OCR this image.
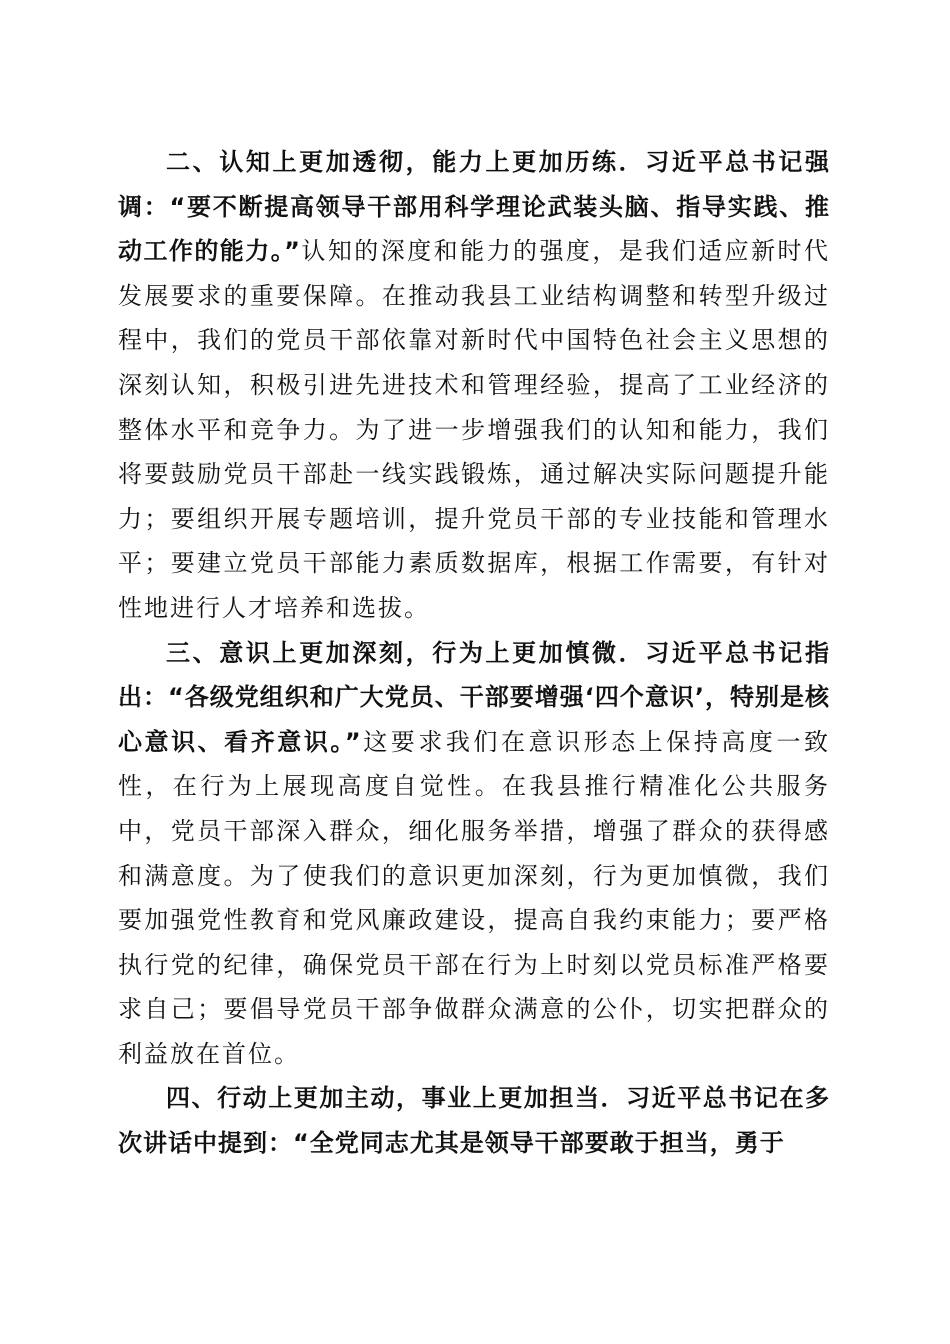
二、认知上更加透彻，能力上更加历练．习近平总书记强调：“要不断提高领导干部用科学理论武装头脑、指导实践、推动工作的能力。”认知的深度和能力的强度，是我们适应新时代发展要求的重要保障。在推动我县工业结构调整和转型升级过程中，我们的党员干部依靠对新时代中国特色社会主义思想的深刻认知，积极引进先进技术和管理经验，提高了工业经济的整体水平和竞争力。为了进一步增强我们的认知和能力，我们将要鼓励党员干部赴一线实践锻炼，通过解决实际问题提升能力；要组织开展专题培训，提升党员干部的专业技能和管理水平；要建立党员干部能力素质数据库，根据工作需要，有针对性地进行人才培养和选拔。

三、意识上更加深刻，行为上更加慎微．习近平总书记指出：“各级党组织和广大党员、干部要增强‘四个意识’，特别是核心意识、看齐意识。”这要求我们在意识形态上保持高度一致性，在行为上展现高度自觉性。在我县推行精准化公共服务中，党员干部深入群众，细化服务举措，增强了群众的获得感和满意度。为了使我们的意识更加深刻，行为更加慎微，我们要加强党性教育和党风廉政建设，提高自我约束能力；要严格执行党的纪律，确保党员干部在行为上时刻以党员标准严格要求自己；要倡导党员干部争做群众满意的公仆，切实把群众的利益放在首位。

四、行动上更加主动，事业上更加担当．习近平总书记在多次讲话中提到：“全党同志尤其是领导干部要敢于担当，勇于
